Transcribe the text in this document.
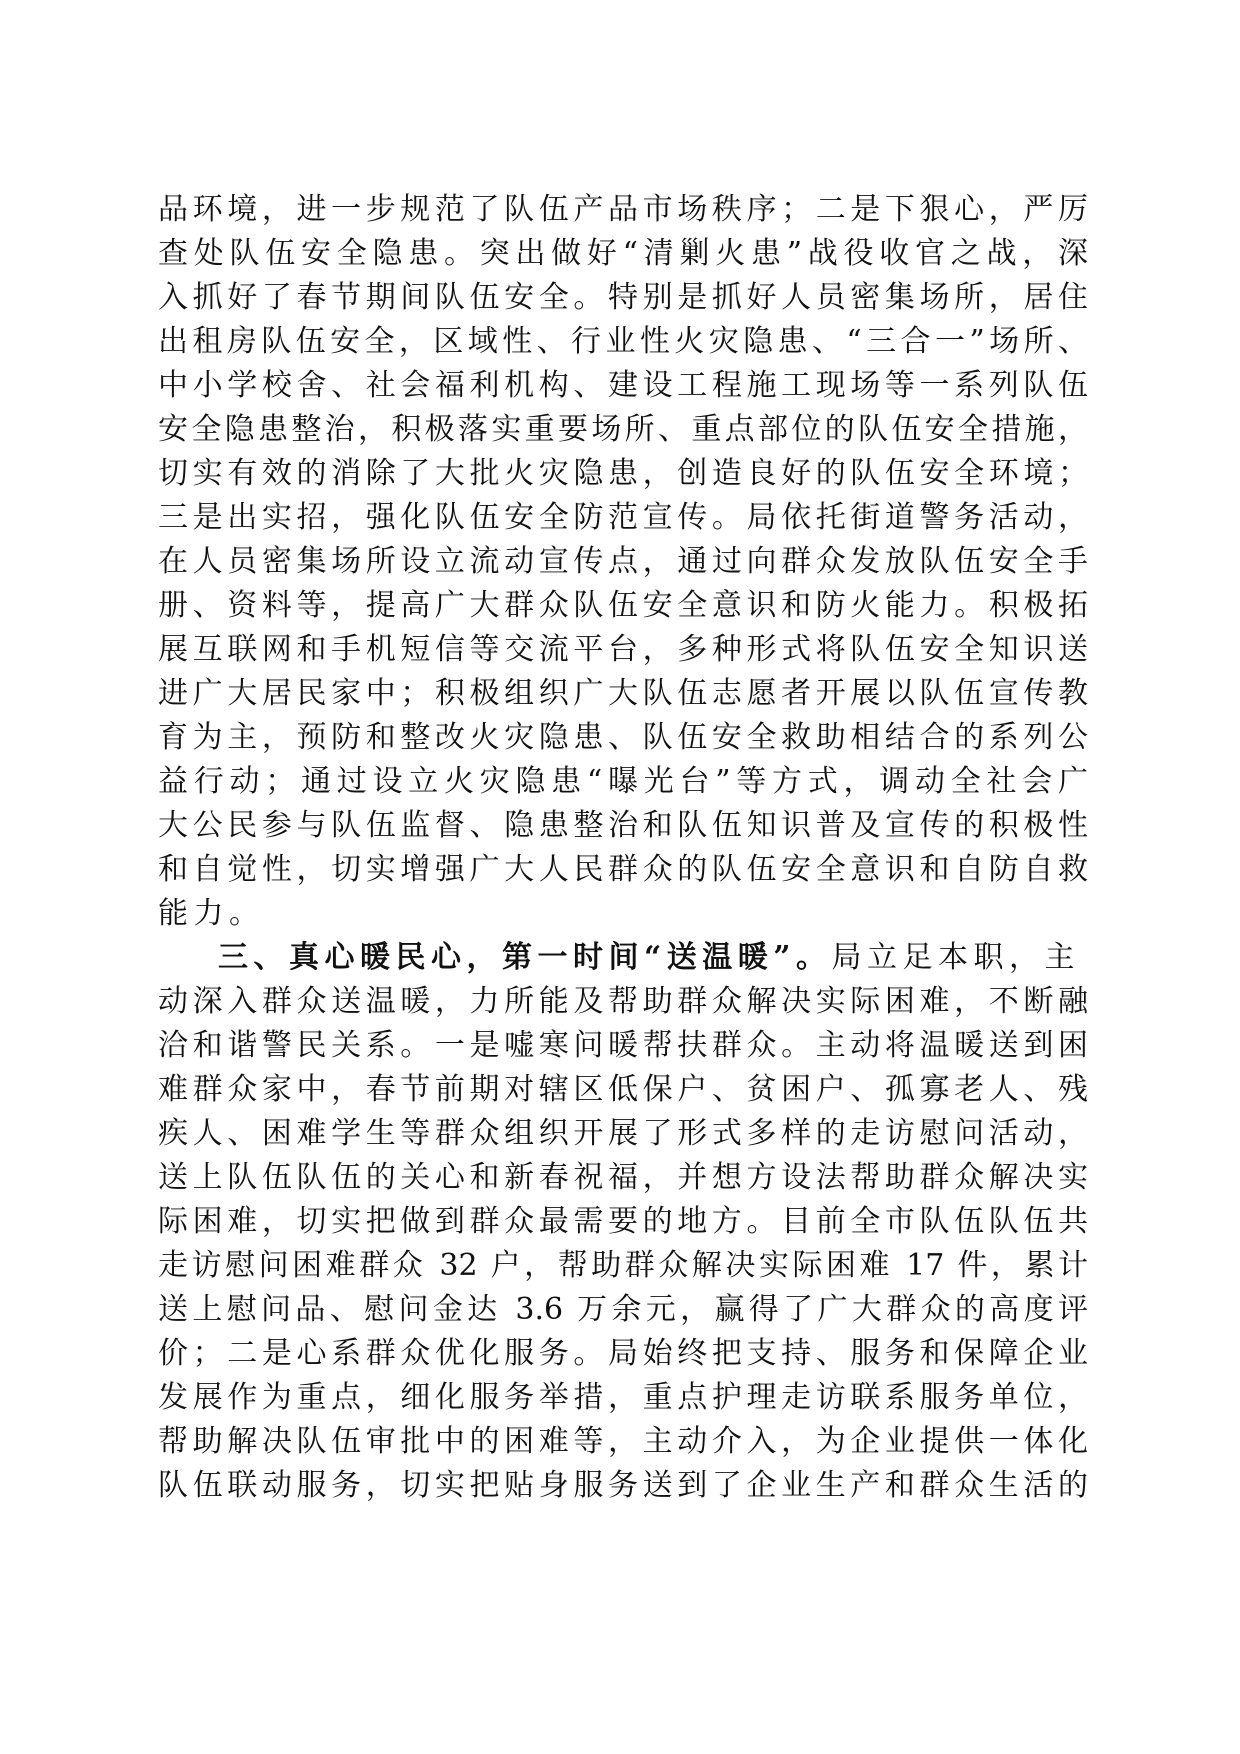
品环境，进一步规范了队伍产品市场秩序；二是下狠心，严厉
查处队伍安全隐患。突出做好“清剿火患”战役收官之战，深
入抓好了春节期间队伍安全。特别是抓好人员密集场所，居住
出租房队伍安全，区域性、行业性火灾隐患、“三合一”场所、
中小学校舍、社会福利机构、建设工程施工现场等一系列队伍
安全隐患整治，积极落实重要场所、重点部位的队伍安全措施，
切实有效的消除了大批火灾隐患，创造良好的队伍安全环境；
三是出实招，强化队伍安全防范宣传。局依托街道警务活动，
在人员密集场所设立流动宣传点，通过向群众发放队伍安全手
册、资料等，提高广大群众队伍安全意识和防火能力。积极拓
展互联网和手机短信等交流平台，多种形式将队伍安全知识送
进广大居民家中；积极组织广大队伍志愿者开展以队伍宣传教
育为主，预防和整改火灾隐患、队伍安全救助相结合的系列公
益行动；通过设立火灾隐患“曝光台”等方式，调动全社会广
大公民参与队伍监督、隐患整治和队伍知识普及宣传的积极性
和自觉性，切实增强广大人民群众的队伍安全意识和自防自救
能力。
三、真心暖民心，第一时间“送温暖”。局立足本职，主
动深入群众送温暖，力所能及帮助群众解决实际困难，不断融
洽和谐警民关系。一是嘘寒问暖帮扶群众。主动将温暖送到困
难群众家中，春节前期对辖区低保户、贫困户、孤寡老人、残
疾人、困难学生等群众组织开展了形式多样的走访慰问活动，
送上队伍队伍的关心和新春祝福，并想方设法帮助群众解决实
际困难，切实把做到群众最需要的地方。目前全市队伍队伍共
走访慰问困难群众 32 户，帮助群众解决实际困难 17 件，累计
送上慰问品、慰问金达 3.6 万余元，赢得了广大群众的高度评
价；二是心系群众优化服务。局始终把支持、服务和保障企业
发展作为重点，细化服务举措，重点护理走访联系服务单位，
帮助解决队伍审批中的困难等，主动介入，为企业提供一体化
队伍联动服务，切实把贴身服务送到了企业生产和群众生活的
